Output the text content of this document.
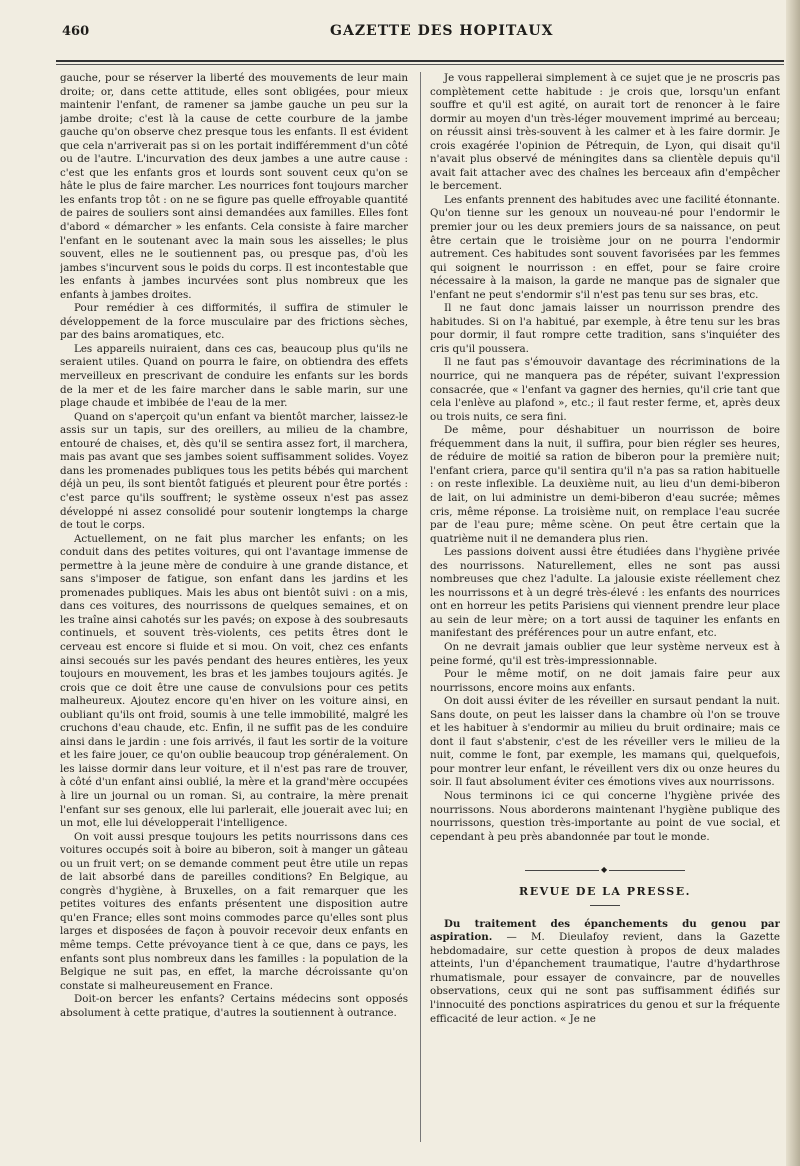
460	GAZETTE DES HOPITAUX

gauche, pour se réserver la liberté des mouvements de leur main droite; or, dans cette attitude, elles sont obligées, pour mieux maintenir l'enfant, de ramener sa jambe gauche un peu sur la jambe droite; c'est là la cause de cette courbure de la jambe gauche qu'on observe chez presque tous les enfants. Il est évident que cela n'arriverait pas si on les portait indifféremment d'un côté ou de l'autre. L'incurvation des deux jambes a une autre cause : c'est que les enfants gros et lourds sont souvent ceux qu'on se hâte le plus de faire marcher. Les nourrices font toujours marcher les enfants trop tôt : on ne se figure pas quelle effroyable quantité de paires de souliers sont ainsi demandées aux familles. Elles font d'abord « démarcher » les enfants. Cela consiste à faire marcher l'enfant en le soutenant avec la main sous les aisselles; le plus souvent, elles ne le soutiennent pas, ou presque pas, d'où les jambes s'incurvent sous le poids du corps. Il est incontestable que les enfants à jambes incurvées sont plus nombreux que les enfants à jambes droites.

Pour remédier à ces difformités, il suffira de stimuler le développement de la force musculaire par des frictions sèches, par des bains aromatiques, etc.

Les appareils nuiraient, dans ces cas, beaucoup plus qu'ils ne seraient utiles. Quand on pourra le faire, on obtiendra des effets merveilleux en prescrivant de conduire les enfants sur les bords de la mer et de les faire marcher dans le sable marin, sur une plage chaude et imbibée de l'eau de la mer.

Quand on s'aperçoit qu'un enfant va bientôt marcher, laissez-le assis sur un tapis, sur des oreillers, au milieu de la chambre, entouré de chaises, et, dès qu'il se sentira assez fort, il marchera, mais pas avant que ses jambes soient suffisamment solides. Voyez dans les promenades publiques tous les petits bébés qui marchent déjà un peu, ils sont bientôt fatigués et pleurent pour être portés : c'est parce qu'ils souffrent; le système osseux n'est pas assez développé ni assez consolidé pour soutenir longtemps la charge de tout le corps.

Actuellement, on ne fait plus marcher les enfants; on les conduit dans des petites voitures, qui ont l'avantage immense de permettre à la jeune mère de conduire à une grande distance, et sans s'imposer de fatigue, son enfant dans les jardins et les promenades publiques. Mais les abus ont bientôt suivi : on a mis, dans ces voitures, des nourrissons de quelques semaines, et on les traîne ainsi cahotés sur les pavés; on expose à des soubresauts continuels, et souvent très-violents, ces petits êtres dont le cerveau est encore si fluide et si mou. On voit, chez ces enfants ainsi secoués sur les pavés pendant des heures entières, les yeux toujours en mouvement, les bras et les jambes toujours agités. Je crois que ce doit être une cause de convulsions pour ces petits malheureux. Ajoutez encore qu'en hiver on les voiture ainsi, en oubliant qu'ils ont froid, soumis à une telle immobilité, malgré les cruchons d'eau chaude, etc. Enfin, il ne suffit pas de les conduire ainsi dans le jardin : une fois arrivés, il faut les sortir de la voiture et les faire jouer, ce qu'on oublie beaucoup trop généralement. On les laisse dormir dans leur voiture, et il n'est pas rare de trouver, à côté d'un enfant ainsi oublié, la mère et la grand'mère occupées à lire un journal ou un roman. Si, au contraire, la mère prenait l'enfant sur ses genoux, elle lui parlerait, elle jouerait avec lui; en un mot, elle lui développerait l'intelligence.

On voit aussi presque toujours les petits nourrissons dans ces voitures occupés soit à boire au biberon, soit à manger un gâteau ou un fruit vert; on se demande comment peut être utile un repas de lait absorbé dans de pareilles conditions? En Belgique, au congrès d'hygiène, à Bruxelles, on a fait remarquer que les petites voitures des enfants présentent une disposition autre qu'en France; elles sont moins commodes parce qu'elles sont plus larges et disposées de façon à pouvoir recevoir deux enfants en même temps. Cette prévoyance tient à ce que, dans ce pays, les enfants sont plus nombreux dans les familles : la population de la Belgique ne suit pas, en effet, la marche décroissante qu'on constate si malheureusement en France.

Doit-on bercer les enfants? Certains médecins sont opposés absolument à cette pratique, d'autres la soutiennent à outrance.

Je vous rappellerai simplement à ce sujet que je ne proscris pas complètement cette habitude : je crois que, lorsqu'un enfant souffre et qu'il est agité, on aurait tort de renoncer à le faire dormir au moyen d'un très-léger mouvement imprimé au berceau; on réussit ainsi très-souvent à les calmer et à les faire dormir. Je crois exagérée l'opinion de Pétrequin, de Lyon, qui disait qu'il n'avait plus observé de méningites dans sa clientèle depuis qu'il avait fait attacher avec des chaînes les berceaux afin d'empêcher le bercement.

Les enfants prennent des habitudes avec une facilité étonnante. Qu'on tienne sur les genoux un nouveau-né pour l'endormir le premier jour ou les deux premiers jours de sa naissance, on peut être certain que le troisième jour on ne pourra l'endormir autrement. Ces habitudes sont souvent favorisées par les femmes qui soignent le nourrisson : en effet, pour se faire croire nécessaire à la maison, la garde ne manque pas de signaler que l'enfant ne peut s'endormir s'il n'est pas tenu sur ses bras, etc.

Il ne faut donc jamais laisser un nourrisson prendre des habitudes. Si on l'a habitué, par exemple, à être tenu sur les bras pour dormir, il faut rompre cette tradition, sans s'inquiéter des cris qu'il poussera.

Il ne faut pas s'émouvoir davantage des récriminations de la nourrice, qui ne manquera pas de répéter, suivant l'expression consacrée, que « l'enfant va gagner des hernies, qu'il crie tant que cela l'enlève au plafond », etc.; il faut rester ferme, et, après deux ou trois nuits, ce sera fini.

De même, pour déshabituer un nourrisson de boire fréquemment dans la nuit, il suffira, pour bien régler ses heures, de réduire de moitié sa ration de biberon pour la première nuit; l'enfant criera, parce qu'il sentira qu'il n'a pas sa ration habituelle : on reste inflexible. La deuxième nuit, au lieu d'un demi-biberon de lait, on lui administre un demi-biberon d'eau sucrée; mêmes cris, même réponse. La troisième nuit, on remplace l'eau sucrée par de l'eau pure; même scène. On peut être certain que la quatrième nuit il ne demandera plus rien.

Les passions doivent aussi être étudiées dans l'hygiène privée des nourrissons. Naturellement, elles ne sont pas aussi nombreuses que chez l'adulte. La jalousie existe réellement chez les nourrissons et à un degré très-élevé : les enfants des nourrices ont en horreur les petits Parisiens qui viennent prendre leur place au sein de leur mère; on a tort aussi de taquiner les enfants en manifestant des préférences pour un autre enfant, etc.

On ne devrait jamais oublier que leur système nerveux est à peine formé, qu'il est très-impressionnable.

Pour le même motif, on ne doit jamais faire peur aux nourrissons, encore moins aux enfants.

On doit aussi éviter de les réveiller en sursaut pendant la nuit. Sans doute, on peut les laisser dans la chambre où l'on se trouve et les habituer à s'endormir au milieu du bruit ordinaire; mais ce dont il faut s'abstenir, c'est de les réveiller vers le milieu de la nuit, comme le font, par exemple, les mamans qui, quelquefois, pour montrer leur enfant, le réveillent vers dix ou onze heures du soir. Il faut absolument éviter ces émotions vives aux nourrissons.

Nous terminons ici ce qui concerne l'hygiène privée des nourrissons. Nous aborderons maintenant l'hygiène publique des nourrissons, question très-importante au point de vue social, et cependant à peu près abandonnée par tout le monde.

◆
REVUE DE LA PRESSE.

Du traitement des épanchements du genou par aspiration. — M. Dieulafoy revient, dans la Gazette hebdomadaire, sur cette question à propos de deux malades atteints, l'un d'épanchement traumatique, l'autre d'hydarthrose rhumatismale, pour essayer de convaincre, par de nouvelles observations, ceux qui ne sont pas suffisamment édifiés sur l'innocuité des ponctions aspiratrices du genou et sur la fréquente efficacité de leur action. « Je ne
